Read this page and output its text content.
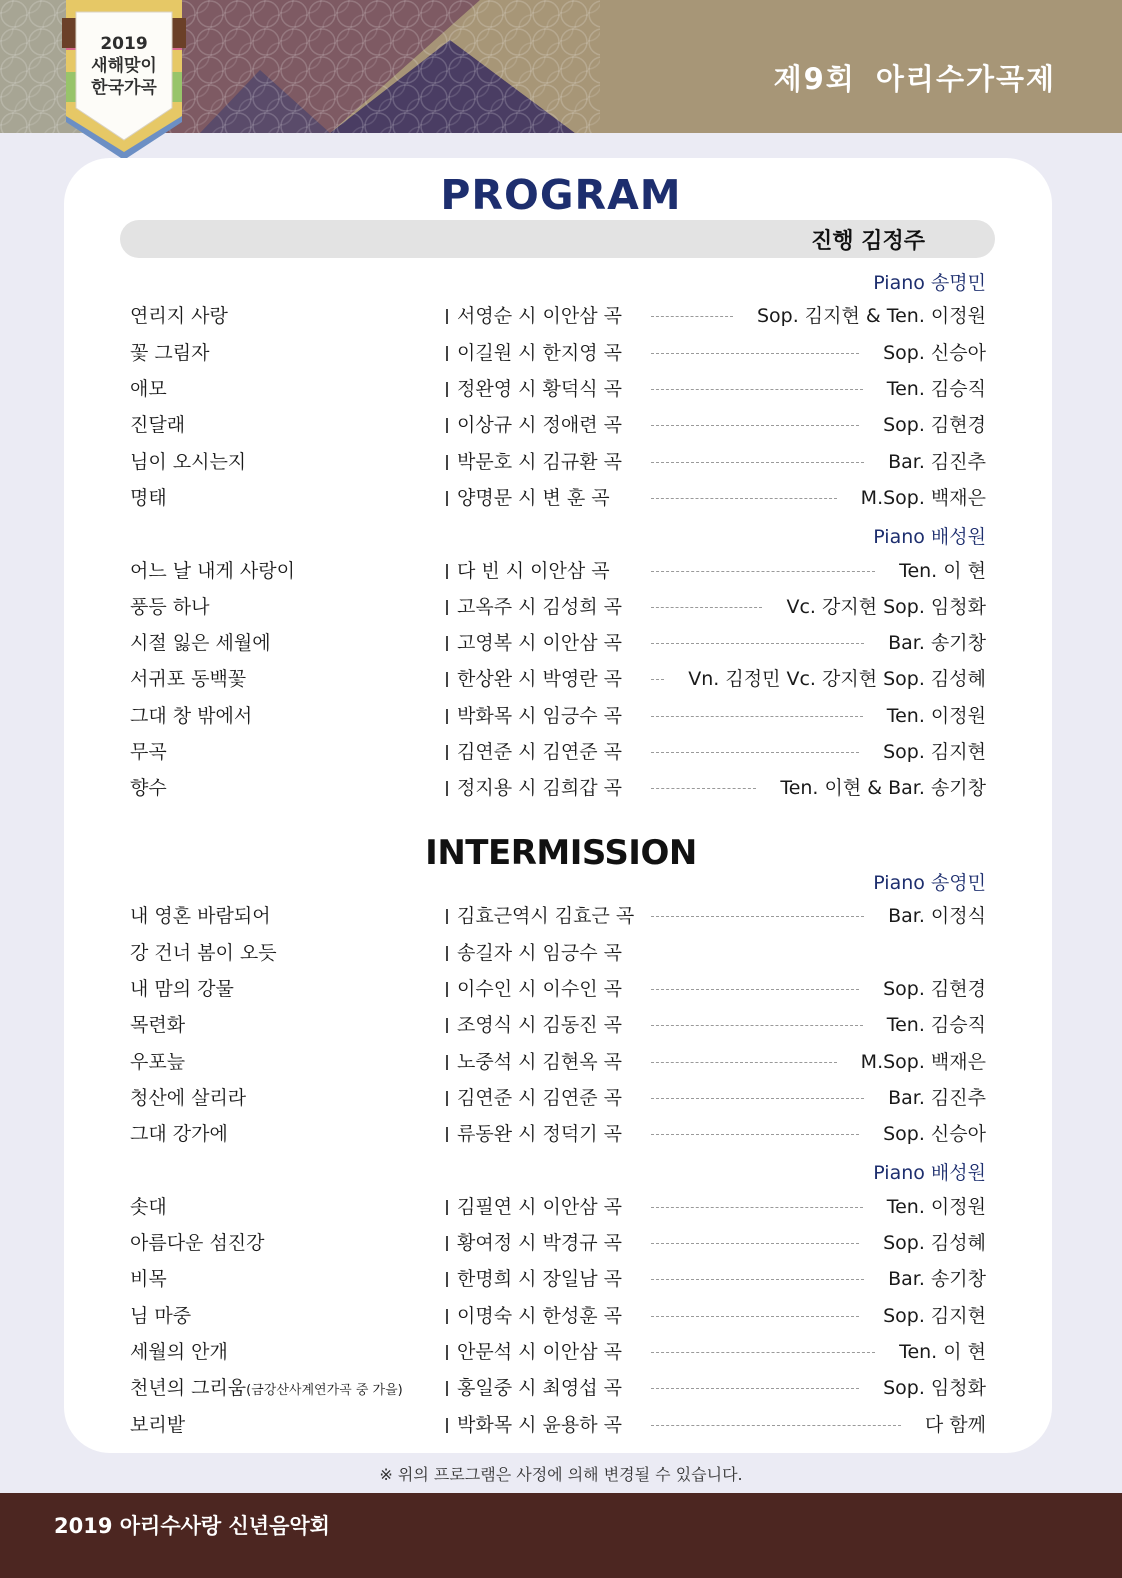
제9회 아리수가곡제
2019
새해맞이
한국가곡
PROGRAM
진행 김정주
Piano 송명민
Piano 배성원
INTERMISSION
Piano 송영민
Piano 배성원
연리지 사랑	서영순 시 이안삼 곡	Sop. 김지현 & Ten. 이정원
꽃 그림자	이길원 시 한지영 곡	Sop. 신승아
애모	정완영 시 황덕식 곡	Ten. 김승직
진달래	이상규 시 정애련 곡	Sop. 김현경
님이 오시는지	박문호 시 김규환 곡	Bar. 김진추
명태	양명문 시 변 훈 곡	M.Sop. 백재은
어느 날 내게 사랑이	다 빈 시 이안삼 곡	Ten. 이 현
풍등 하나	고옥주 시 김성희 곡	Vc. 강지현 Sop. 임청화
시절 잃은 세월에	고영복 시 이안삼 곡	Bar. 송기창
서귀포 동백꽃	한상완 시 박영란 곡	Vn. 김정민 Vc. 강지현 Sop. 김성혜
그대 창 밖에서	박화목 시 임긍수 곡	Ten. 이정원
무곡	김연준 시 김연준 곡	Sop. 김지현
향수	정지용 시 김희갑 곡	Ten. 이현 & Bar. 송기창
내 영혼 바람되어	김효근역시 김효근 곡	Bar. 이정식
강 건너 봄이 오듯	송길자 시 임긍수 곡
내 맘의 강물	이수인 시 이수인 곡	Sop. 김현경
목련화	조영식 시 김동진 곡	Ten. 김승직
우포늪	노중석 시 김현옥 곡	M.Sop. 백재은
청산에 살리라	김연준 시 김연준 곡	Bar. 김진추
그대 강가에	류동완 시 정덕기 곡	Sop. 신승아
솟대	김필연 시 이안삼 곡	Ten. 이정원
아름다운 섬진강	황여정 시 박경규 곡	Sop. 김성혜
비목	한명희 시 장일남 곡	Bar. 송기창
님 마중	이명숙 시 한성훈 곡	Sop. 김지현
세월의 안개	안문석 시 이안삼 곡	Ten. 이 현
천년의 그리움(금강산사계연가곡 중 가을)	홍일중 시 최영섭 곡	Sop. 임청화
보리밭	박화목 시 윤용하 곡	다 함께
※ 위의 프로그램은 사정에 의해 변경될 수 있습니다.
2019 아리수사랑 신년음악회
